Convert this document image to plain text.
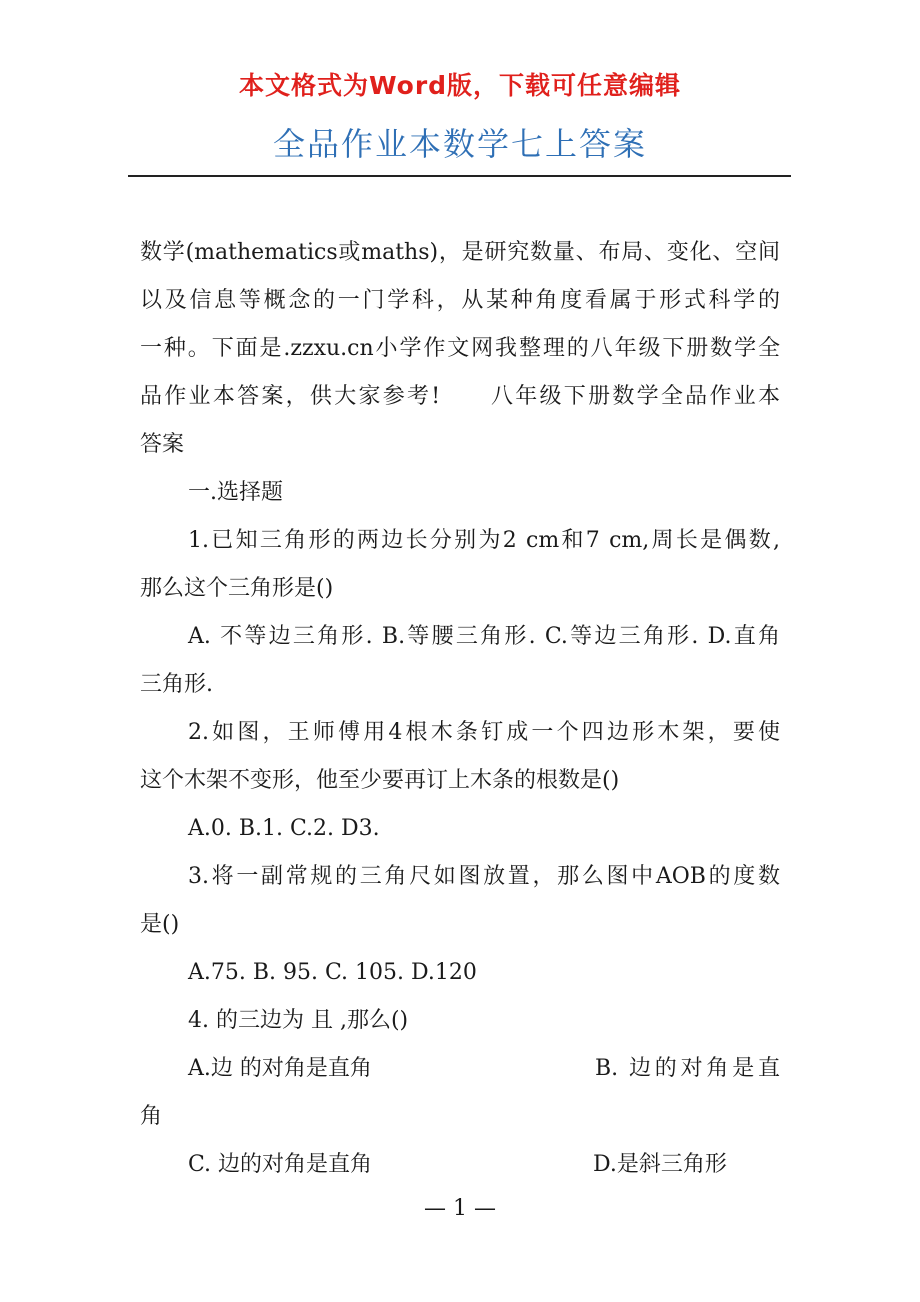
本文格式为Word版，下载可任意编辑
全品作业本数学七上答案
数学(mathematics或maths)，是研究数量、布局、变化、空间
以及信息等概念的一门学科，从某种角度看属于形式科学的
一种。下面是.zzxu.cn小学作文网我整理的八年级下册数学全
品作业本答案，供大家参考!　　八年级下册数学全品作业本
答案
一.选择题
1.已知三角形的两边长分别为2 cm和7 cm,周长是偶数,
那么这个三角形是()
A. 不等边三角形. B.等腰三角形. C.等边三角形. D.直角
三角形.
2.如图，王师傅用4根木条钉成一个四边形木架，要使
这个木架不变形，他至少要再订上木条的根数是()
A.0. B.1. C.2. D3.
3.将一副常规的三角尺如图放置，那么图中AOB的度数
是()
A.75. B. 95. C. 105. D.120
4. 的三边为 且 ,那么()
A.边 的对角是直角	B. 边的对角是直
角
C. 边的对角是直角	D.是斜三角形
— 1 —
